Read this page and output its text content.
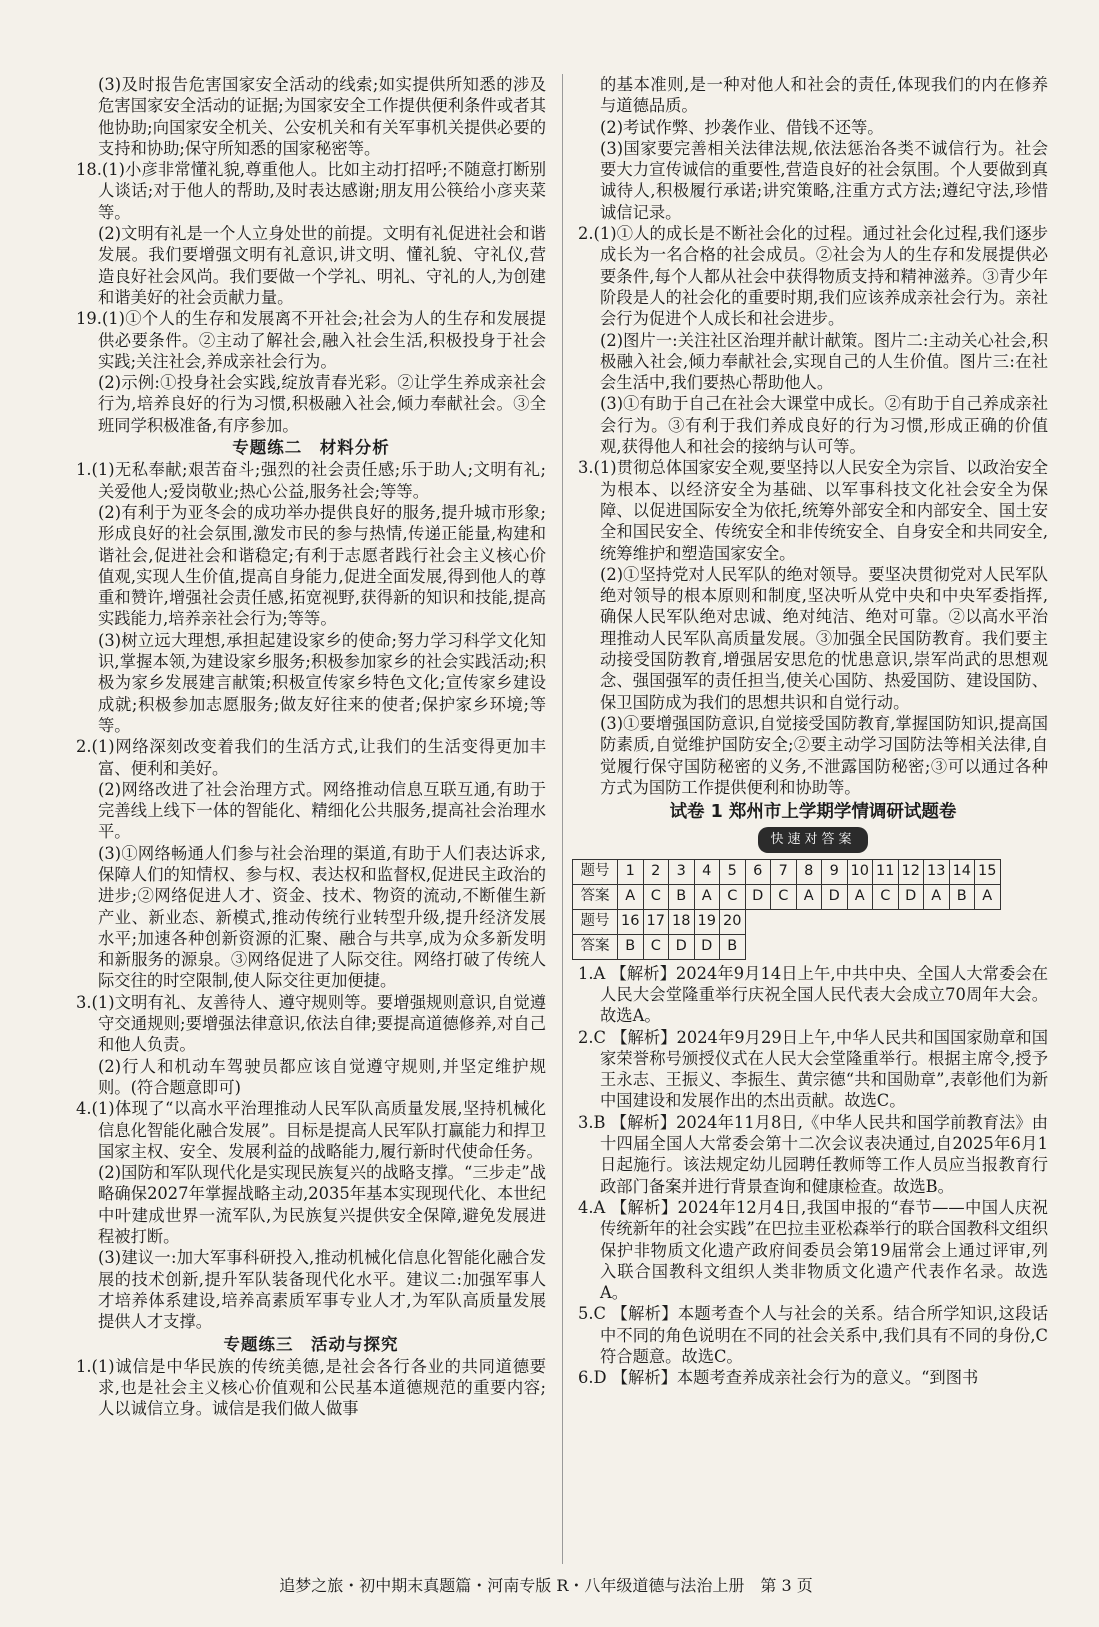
(3)及时报告危害国家安全活动的线索;如实提供所知悉的涉及危害国家安全活动的证据;为国家安全工作提供便利条件或者其他协助;向国家安全机关、公安机关和有关军事机关提供必要的支持和协助;保守所知悉的国家秘密等。
18.(1)小彦非常懂礼貌,尊重他人。比如主动打招呼;不随意打断别人谈话;对于他人的帮助,及时表达感谢;朋友用公筷给小彦夹菜等。
(2)文明有礼是一个人立身处世的前提。文明有礼促进社会和谐发展。我们要增强文明有礼意识,讲文明、懂礼貌、守礼仪,营造良好社会风尚。我们要做一个学礼、明礼、守礼的人,为创建和谐美好的社会贡献力量。
19.(1)①个人的生存和发展离不开社会;社会为人的生存和发展提供必要条件。②主动了解社会,融入社会生活,积极投身于社会实践;关注社会,养成亲社会行为。
(2)示例:①投身社会实践,绽放青春光彩。②让学生养成亲社会行为,培养良好的行为习惯,积极融入社会,倾力奉献社会。③全班同学积极准备,有序参加。
专题练二　材料分析
1.(1)无私奉献;艰苦奋斗;强烈的社会责任感;乐于助人;文明有礼;关爱他人;爱岗敬业;热心公益,服务社会;等等。
(2)有利于为亚冬会的成功举办提供良好的服务,提升城市形象;形成良好的社会氛围,激发市民的参与热情,传递正能量,构建和谐社会,促进社会和谐稳定;有利于志愿者践行社会主义核心价值观,实现人生价值,提高自身能力,促进全面发展,得到他人的尊重和赞许,增强社会责任感,拓宽视野,获得新的知识和技能,提高实践能力,培养亲社会行为;等等。
(3)树立远大理想,承担起建设家乡的使命;努力学习科学文化知识,掌握本领,为建设家乡服务;积极参加家乡的社会实践活动;积极为家乡发展建言献策;积极宣传家乡特色文化;宣传家乡建设成就;积极参加志愿服务;做友好往来的使者;保护家乡环境;等等。
2.(1)网络深刻改变着我们的生活方式,让我们的生活变得更加丰富、便利和美好。
(2)网络改进了社会治理方式。网络推动信息互联互通,有助于完善线上线下一体的智能化、精细化公共服务,提高社会治理水平。
(3)①网络畅通人们参与社会治理的渠道,有助于人们表达诉求,保障人们的知情权、参与权、表达权和监督权,促进民主政治的进步;②网络促进人才、资金、技术、物资的流动,不断催生新产业、新业态、新模式,推动传统行业转型升级,提升经济发展水平;加速各种创新资源的汇聚、融合与共享,成为众多新发明和新服务的源泉。③网络促进了人际交往。网络打破了传统人际交往的时空限制,使人际交往更加便捷。
3.(1)文明有礼、友善待人、遵守规则等。要增强规则意识,自觉遵守交通规则;要增强法律意识,依法自律;要提高道德修养,对自己和他人负责。
(2)行人和机动车驾驶员都应该自觉遵守规则,并坚定维护规则。(符合题意即可)
4.(1)体现了“以高水平治理推动人民军队高质量发展,坚持机械化信息化智能化融合发展”。目标是提高人民军队打赢能力和捍卫国家主权、安全、发展利益的战略能力,履行新时代使命任务。
(2)国防和军队现代化是实现民族复兴的战略支撑。“三步走”战略确保2027年掌握战略主动,2035年基本实现现代化、本世纪中叶建成世界一流军队,为民族复兴提供安全保障,避免发展进程被打断。
(3)建议一:加大军事科研投入,推动机械化信息化智能化融合发展的技术创新,提升军队装备现代化水平。建议二:加强军事人才培养体系建设,培养高素质军事专业人才,为军队高质量发展提供人才支撑。
专题练三　活动与探究
1.(1)诚信是中华民族的传统美德,是社会各行各业的共同道德要求,也是社会主义核心价值观和公民基本道德规范的重要内容;人以诚信立身。诚信是我们做人做事
的基本准则,是一种对他人和社会的责任,体现我们的内在修养与道德品质。
(2)考试作弊、抄袭作业、借钱不还等。
(3)国家要完善相关法律法规,依法惩治各类不诚信行为。社会要大力宣传诚信的重要性,营造良好的社会氛围。个人要做到真诚待人,积极履行承诺;讲究策略,注重方式方法;遵纪守法,珍惜诚信记录。
2.(1)①人的成长是不断社会化的过程。通过社会化过程,我们逐步成长为一名合格的社会成员。②社会为人的生存和发展提供必要条件,每个人都从社会中获得物质支持和精神滋养。③青少年阶段是人的社会化的重要时期,我们应该养成亲社会行为。亲社会行为促进个人成长和社会进步。
(2)图片一:关注社区治理并献计献策。图片二:主动关心社会,积极融入社会,倾力奉献社会,实现自己的人生价值。图片三:在社会生活中,我们要热心帮助他人。
(3)①有助于自己在社会大课堂中成长。②有助于自己养成亲社会行为。③有利于我们养成良好的行为习惯,形成正确的价值观,获得他人和社会的接纳与认可等。
3.(1)贯彻总体国家安全观,要坚持以人民安全为宗旨、以政治安全为根本、以经济安全为基础、以军事科技文化社会安全为保障、以促进国际安全为依托,统筹外部安全和内部安全、国土安全和国民安全、传统安全和非传统安全、自身安全和共同安全,统筹维护和塑造国家安全。
(2)①坚持党对人民军队的绝对领导。要坚决贯彻党对人民军队绝对领导的根本原则和制度,坚决听从党中央和中央军委指挥,确保人民军队绝对忠诚、绝对纯洁、绝对可靠。②以高水平治理推动人民军队高质量发展。③加强全民国防教育。我们要主动接受国防教育,增强居安思危的忧患意识,崇军尚武的思想观念、强国强军的责任担当,使关心国防、热爱国防、建设国防、保卫国防成为我们的思想共识和自觉行动。
(3)①要增强国防意识,自觉接受国防教育,掌握国防知识,提高国防素质,自觉维护国防安全;②要主动学习国防法等相关法律,自觉履行保守国防秘密的义务,不泄露国防秘密;③可以通过各种方式为国防工作提供便利和协助等。
试卷 1 郑州市上学期学情调研试题卷
快速对答案
题号	1	2	3	4	5	6	7	8	9	10	11	12	13	14	15
答案	A	C	B	A	C	D	C	A	D	A	C	D	A	B	A
题号	16	17	18	19	20
答案	B	C	D	D	B
1.A 【解析】2024年9月14日上午,中共中央、全国人大常委会在人民大会堂隆重举行庆祝全国人民代表大会成立70周年大会。故选A。
2.C 【解析】2024年9月29日上午,中华人民共和国国家勋章和国家荣誉称号颁授仪式在人民大会堂隆重举行。根据主席令,授予王永志、王振义、李振生、黄宗德“共和国勋章”,表彰他们为新中国建设和发展作出的杰出贡献。故选C。
3.B 【解析】2024年11月8日,《中华人民共和国学前教育法》由十四届全国人大常委会第十二次会议表决通过,自2025年6月1日起施行。该法规定幼儿园聘任教师等工作人员应当报教育行政部门备案并进行背景查询和健康检查。故选B。
4.A 【解析】2024年12月4日,我国申报的“春节——中国人庆祝传统新年的社会实践”在巴拉圭亚松森举行的联合国教科文组织保护非物质文化遗产政府间委员会第19届常会上通过评审,列入联合国教科文组织人类非物质文化遗产代表作名录。故选A。
5.C 【解析】本题考查个人与社会的关系。结合所学知识,这段话中不同的角色说明在不同的社会关系中,我们具有不同的身份,C符合题意。故选C。
6.D 【解析】本题考查养成亲社会行为的意义。“到图书
追梦之旅・初中期末真题篇・河南专版 R・八年级道德与法治上册　第 3 页
